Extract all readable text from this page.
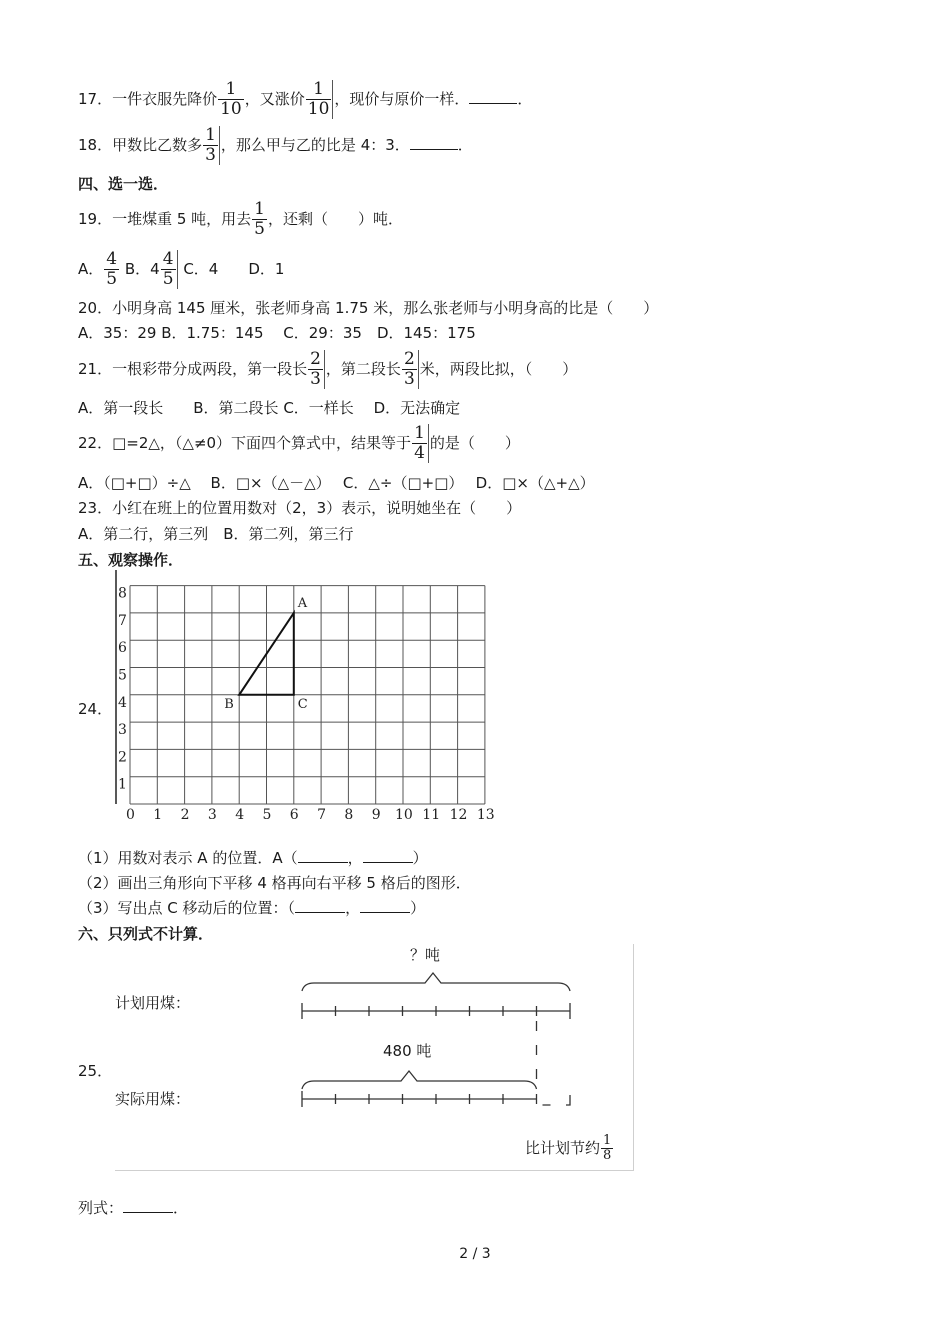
17．一件衣服先降价 $\frac{1}{10}$ ，又涨价 $\frac{1}{10}$ ，现价与原价一样．	．
18．甲数比乙数多 $\frac{1}{3}$ ，那么甲与乙的比是 4：3．	．
四、选一选．
19．一堆煤重 5 吨，用去 $\frac{1}{5}$ ，还剩（　　）吨．
A． $\frac{4}{5}$ B．$4 \frac{4}{5}$ C．4　　D．1
20．小明身高 145 厘米，张老师身高 1.75 米，那么张老师与小明身高的比是（　　）
A．35：29 B．1.75：145　 C．29：35　D．145：175
21．一根彩带分成两段，第一段长 $\frac{2}{3}$ ，第二段长 $\frac{2}{3}$ 米，两段比拟，（　　）
A．第一段长　　B．第二段长 C．一样长　 D．无法确定
22．□=2△，（△≠0）下面四个算式中，结果等于 $\frac{1}{4}$ 的是（　　）
A．（□+□）÷△　 B．□×（△－△）　 C．△÷（□+□）　 D．□×（△+△）
23．小红在班上的位置用数对（2，3）表示，说明她坐在（　　）
A．第二行，第三列　B．第二列，第三行
五、观察操作．
24．
0 1 2 3 4 5 6 7 8 9 10 11 12 13
1
2
3
4
5
6
7
8
A
B	C
（1）用数对表示 A 的位置．A（	，	）
（2）画出三角形向下平移 4 格再向右平移 5 格后的图形．
（3）写出点 C 移动后的位置：（	，	）
六、只列式不计算．
25．
？吨
计划用煤：
480 吨
实际用煤：
比计划节约 $\frac{1}{8}$
列式：	．
2 / 3
